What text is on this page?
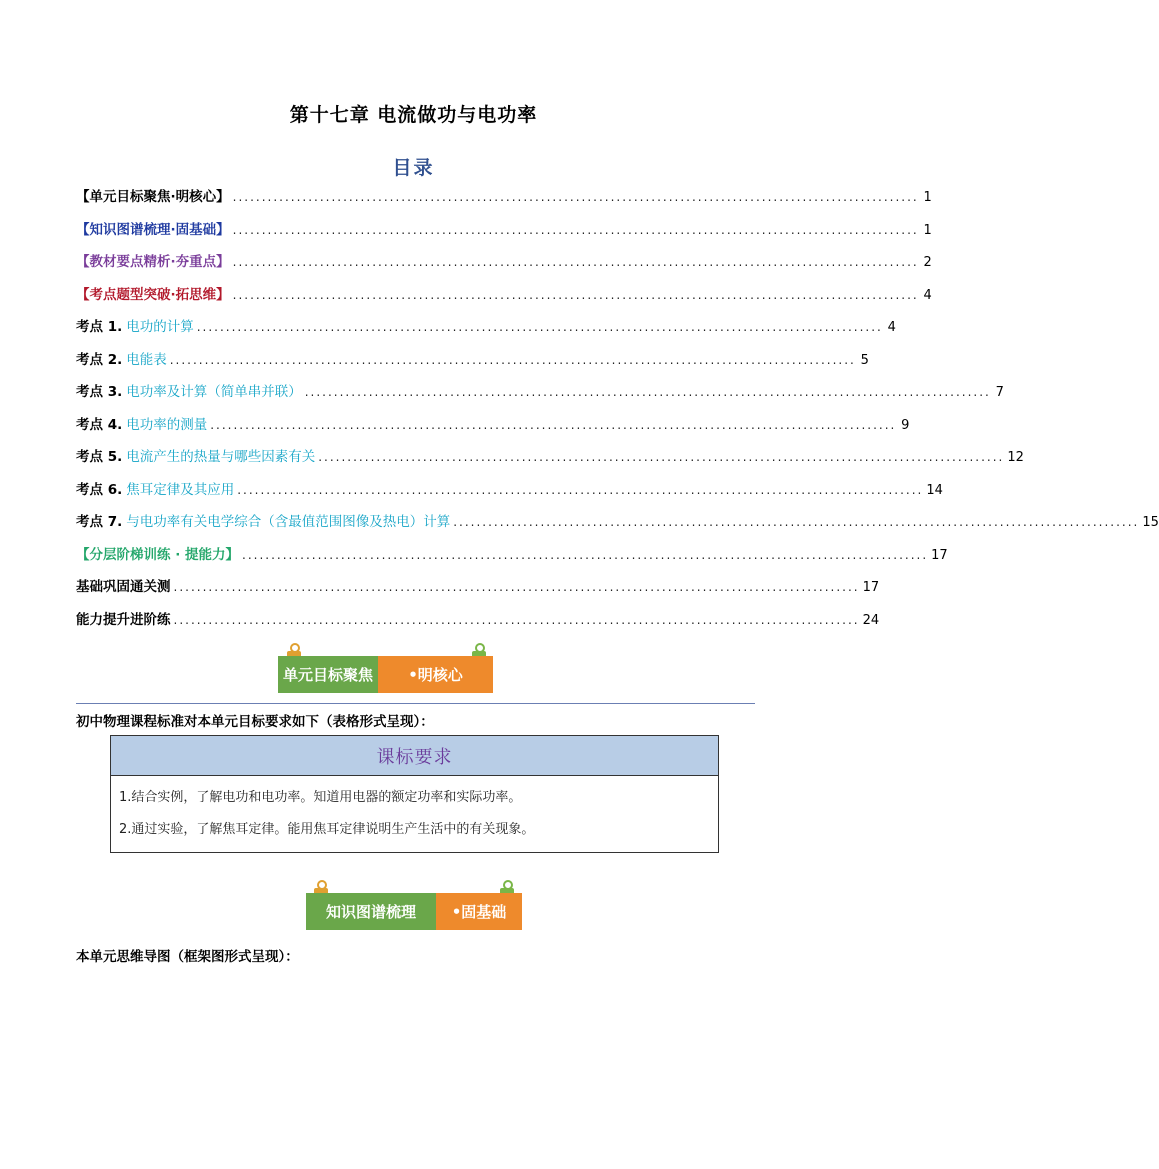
第十七章 电流做功与电功率
目录
【单元目标聚焦·明核心】 ...................................................................................................................... 1
【知识图谱梳理·固基础】 ...................................................................................................................... 1
【教材要点精析·夯重点】 ...................................................................................................................... 2
【考点题型突破·拓思维】 ...................................................................................................................... 4
考点 1. 电功的计算 ...................................................................................................................... 4
考点 2. 电能表 ...................................................................................................................... 5
考点 3. 电功率及计算（简单串并联） ...................................................................................................................... 7
考点 4. 电功率的测量 ...................................................................................................................... 9
考点 5. 电流产生的热量与哪些因素有关 ...................................................................................................................... 12
考点 6. 焦耳定律及其应用 ...................................................................................................................... 14
考点 7. 与电功率有关电学综合（含最值范围图像及热电）计算 ...................................................................................................................... 15
【分层阶梯训练 · 提能力】 ...................................................................................................................... 17
基础巩固通关测 ...................................................................................................................... 17
能力提升进阶练 ...................................................................................................................... 24
单元目标聚焦	•明核心
初中物理课程标准对本单元目标要求如下（表格形式呈现）：
课标要求
1.结合实例，了解电功和电功率。知道用电器的额定功率和实际功率。
2.通过实验，了解焦耳定律。能用焦耳定律说明生产生活中的有关现象。
知识图谱梳理	•固基础
本单元思维导图（框架图形式呈现）：
